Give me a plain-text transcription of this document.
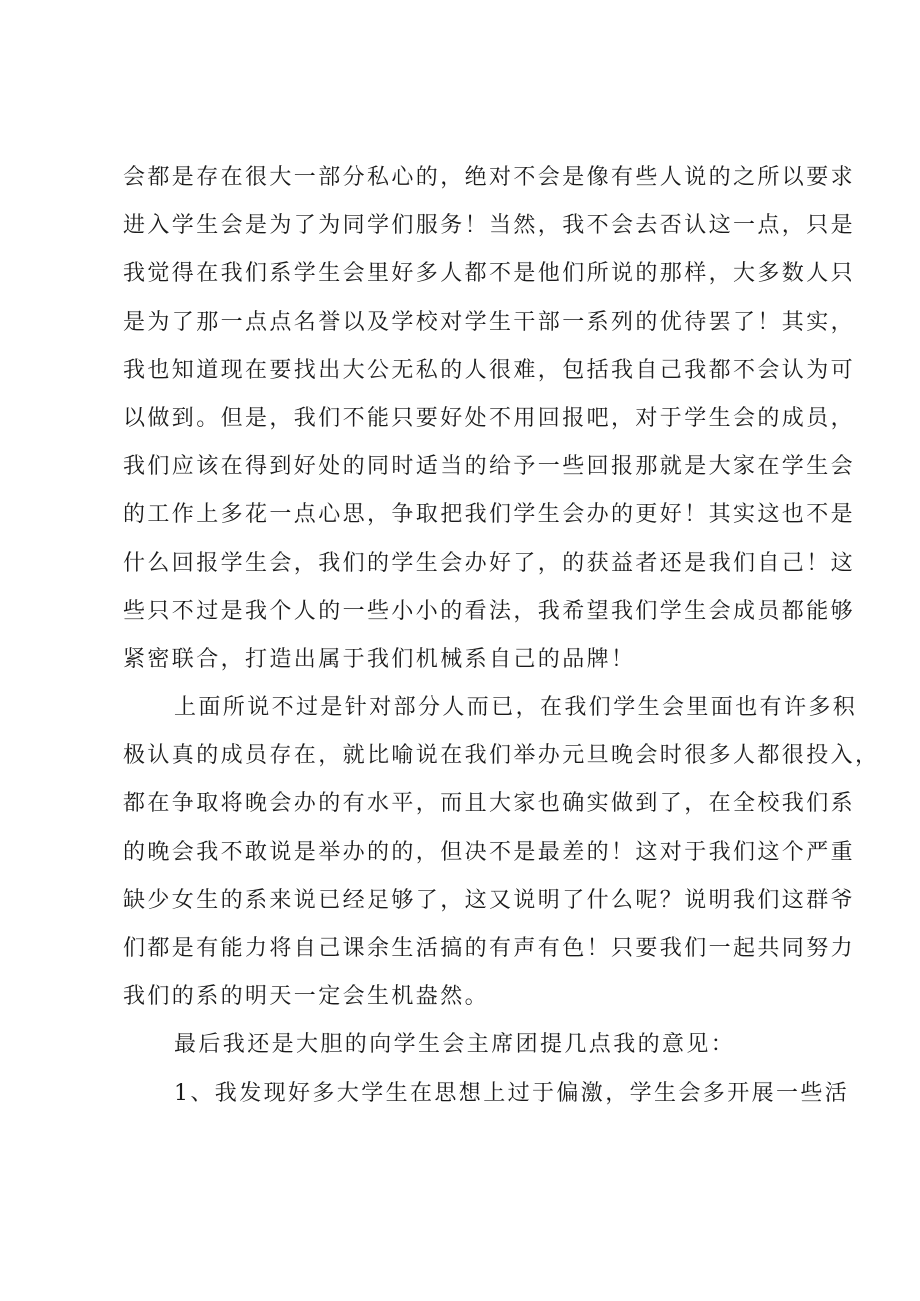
会都是存在很大一部分私心的，绝对不会是像有些人说的之所以要求
进入学生会是为了为同学们服务！当然，我不会去否认这一点，只是
我觉得在我们系学生会里好多人都不是他们所说的那样，大多数人只
是为了那一点点名誉以及学校对学生干部一系列的优待罢了！其实，
我也知道现在要找出大公无私的人很难，包括我自己我都不会认为可
以做到。但是，我们不能只要好处不用回报吧，对于学生会的成员，
我们应该在得到好处的同时适当的给予一些回报那就是大家在学生会
的工作上多花一点心思，争取把我们学生会办的更好！其实这也不是
什么回报学生会，我们的学生会办好了，的获益者还是我们自己！这
些只不过是我个人的一些小小的看法，我希望我们学生会成员都能够
紧密联合，打造出属于我们机械系自己的品牌！
上面所说不过是针对部分人而已，在我们学生会里面也有许多积
极认真的成员存在，就比喻说在我们举办元旦晚会时很多人都很投入，
都在争取将晚会办的有水平，而且大家也确实做到了，在全校我们系
的晚会我不敢说是举办的的，但决不是最差的！这对于我们这个严重
缺少女生的系来说已经足够了，这又说明了什么呢？说明我们这群爷
们都是有能力将自己课余生活搞的有声有色！只要我们一起共同努力
我们的系的明天一定会生机盎然。
最后我还是大胆的向学生会主席团提几点我的意见：
1、我发现好多大学生在思想上过于偏激，学生会多开展一些活
